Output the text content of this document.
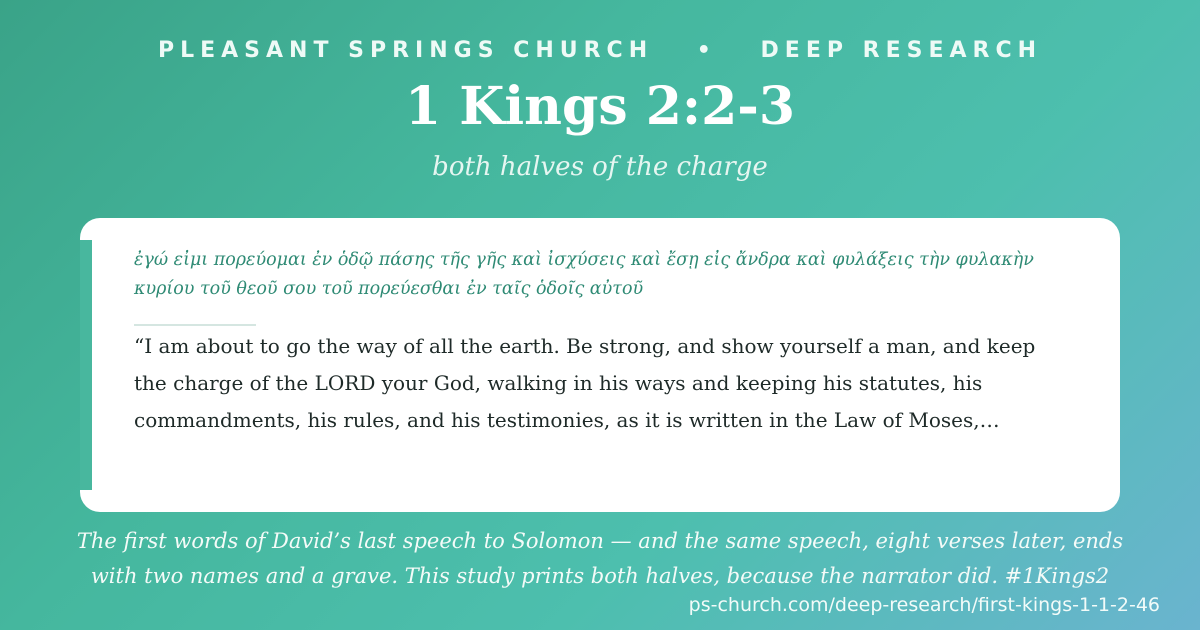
PLEASANT SPRINGS CHURCH • DEEP RESEARCH
1 Kings 2:2-3
both halves of the charge
ἐγώ εἰμι πορεύομαι ἐν ὁδῷ πάσης τῆς γῆς καὶ ἰσχύσεις καὶ ἔσῃ εἰς ἄνδρα καὶ φυλάξεις τὴν φυλακὴν κυρίου τοῦ θεοῦ σου τοῦ πορεύεσθαι ἐν ταῖς ὁδοῖς αὐτοῦ
“I am about to go the way of all the earth. Be strong, and show yourself a man, and keep the charge of the LORD your God, walking in his ways and keeping his statutes, his commandments, his rules, and his testimonies, as it is written in the Law of Moses,…
The first words of David’s last speech to Solomon — and the same speech, eight verses later, ends with two names and a grave. This study prints both halves, because the narrator did. #1Kings2
ps-church.com/deep-research/first-kings-1-1-2-46
